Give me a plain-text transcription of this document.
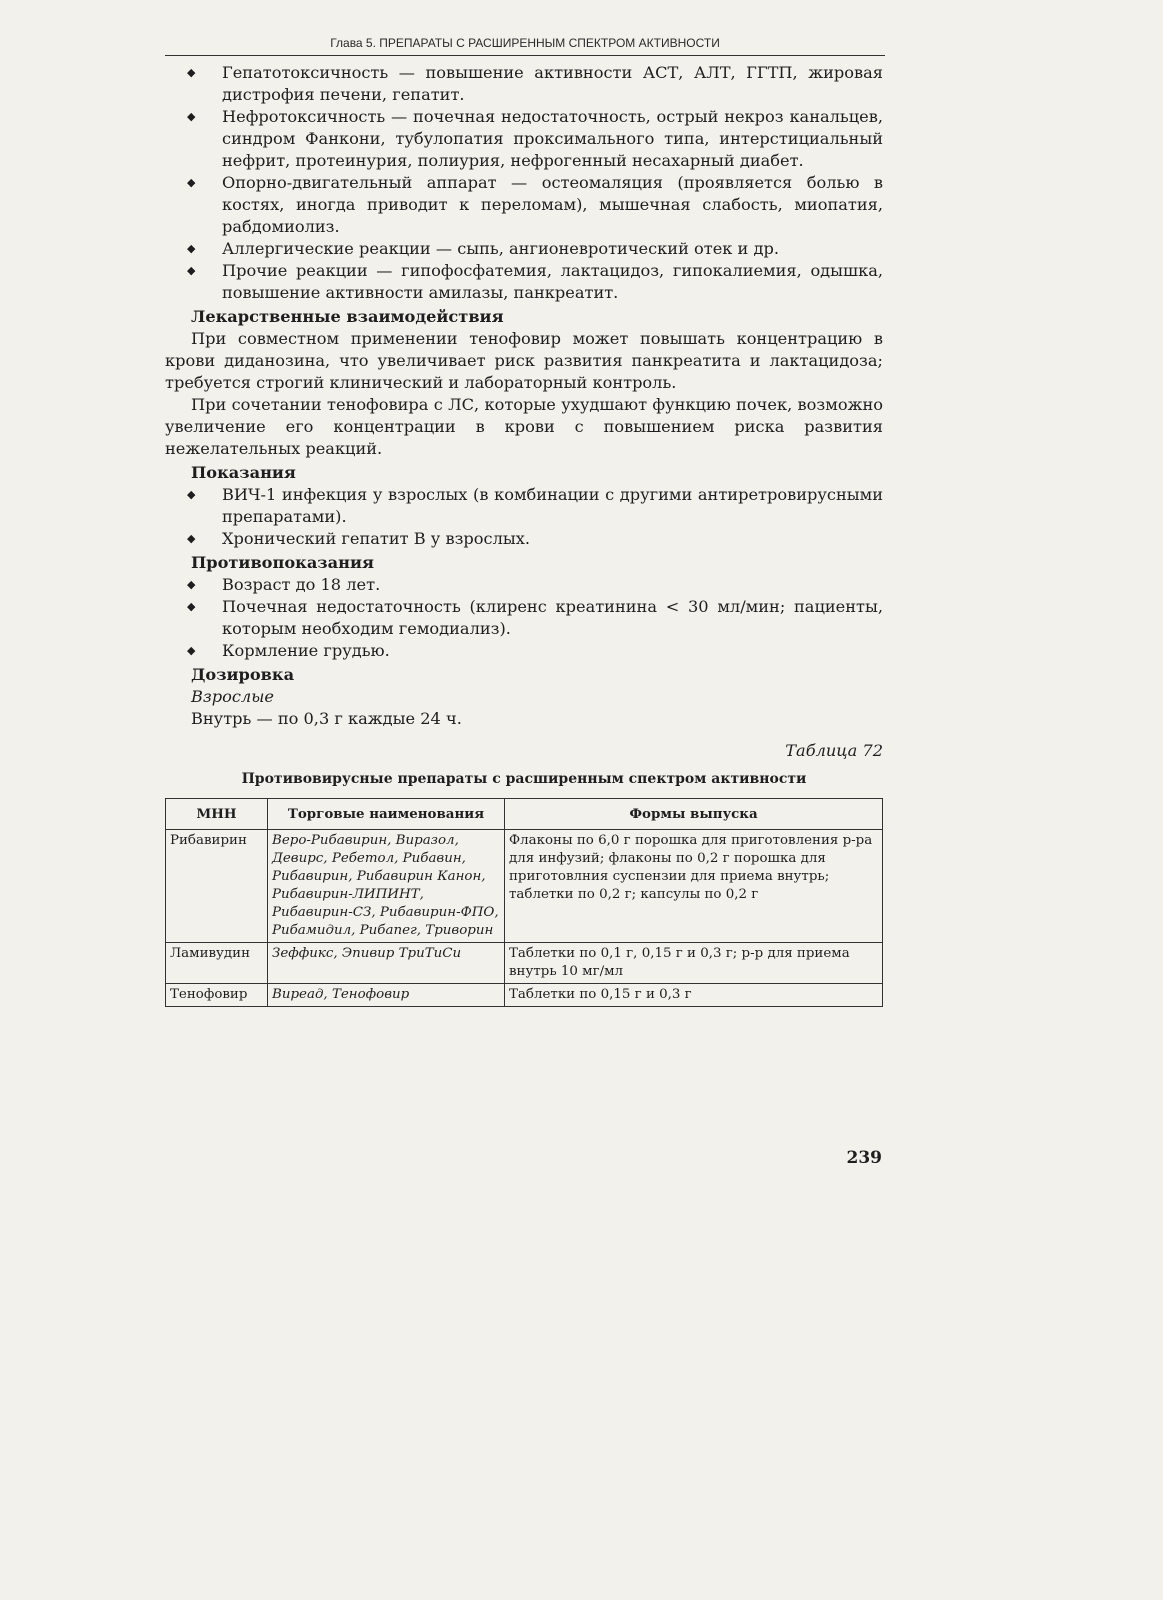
Глава 5. ПРЕПАРАТЫ С РАСШИРЕННЫМ СПЕКТРОМ АКТИВНОСТИ
◆ Гепатотоксичность — повышение активности АСТ, АЛТ, ГГТП, жировая дистрофия печени, гепатит.
◆ Нефротоксичность — почечная недостаточность, острый некроз канальцев, синдром Фанкони, тубулопатия проксимального типа, интерстициальный нефрит, протеинурия, полиурия, нефрогенный несахарный диабет.
◆ Опорно-двигательный аппарат — остеомаляция (проявляется болью в костях, иногда приводит к переломам), мышечная слабость, миопатия, рабдомиолиз.
◆ Аллергические реакции — сыпь, ангионевротический отек и др.
◆ Прочие реакции — гипофосфатемия, лактацидоз, гипокалиемия, одышка, повышение активности амилазы, панкреатит.
Лекарственные взаимодействия

При совместном применении тенофовир может повышать концентрацию в крови диданозина, что увеличивает риск развития панкреатита и лактацидоза; требуется строгий клинический и лабораторный контроль.

При сочетании тенофовира с ЛС, которые ухудшают функцию почек, возможно увеличение его концентрации в крови с повышением риска развития нежелательных реакций.

Показания
◆ ВИЧ-1 инфекция у взрослых (в комбинации с другими антиретровирусными препаратами).
◆ Хронический гепатит В у взрослых.
Противопоказания
◆ Возраст до 18 лет.
◆ Почечная недостаточность (клиренс креатинина < 30 мл/мин; пациенты, которым необходим гемодиализ).
◆ Кормление грудью.
Дозировка
Взрослые
Внутрь — по 0,3 г каждые 24 ч.
Таблица 72
Противовирусные препараты с расширенным спектром активности
МНН	Торговые наименования	Формы выпуска
Рибавирин	Веро-Рибавирин, Виразол, Девирс, Ребетол, Рибавин, Рибавирин, Рибавирин Канон, Рибавирин-ЛИПИНТ, Рибавирин-СЗ, Рибавирин-ФПО, Рибамидил, Рибапег, Триворин	Флаконы по 6,0 г порошка для приготовления р-ра для инфузий; флаконы по 0,2 г порошка для приготовлния суспензии для приема внутрь; таблетки по 0,2 г; капсулы по 0,2 г
Ламивудин	Зеффикс, Эпивир ТриТиСи	Таблетки по 0,1 г, 0,15 г и 0,3 г; р-р для приема внутрь 10 мг/мл
Тенофовир	Виреад, Тенофовир	Таблетки по 0,15 г и 0,3 г
239
